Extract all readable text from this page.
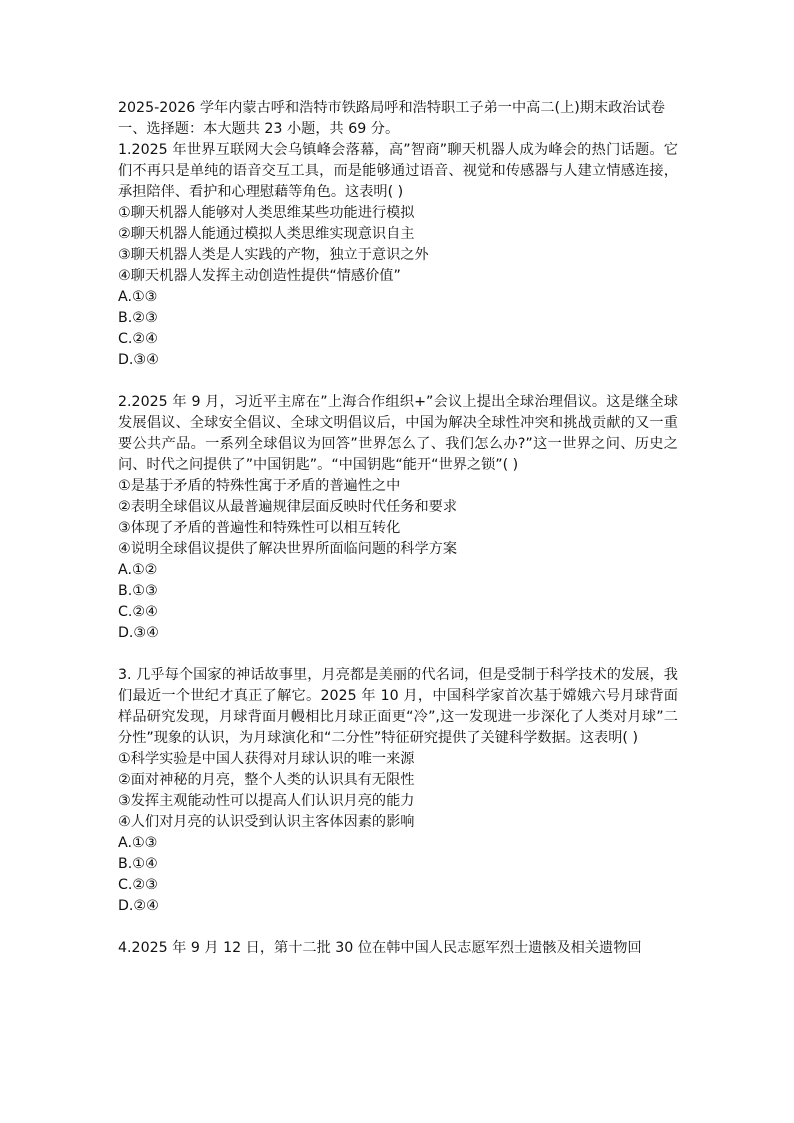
2025-2026 学年内蒙古呼和浩特市铁路局呼和浩特职工子弟一中高二(上)期末政治试卷

一、选择题：本大题共 23 小题，共 69 分。

1.2025 年世界互联网大会乌镇峰会落幕，高”智商”聊天机器人成为峰会的热门话题。它们不再只是单纯的语音交互工具，而是能够通过语音、视觉和传感器与人建立情感连接，承担陪伴、看护和心理慰藉等角色。这表明( )

①聊天机器人能够对人类思维某些功能进行模拟

②聊天机器人能通过模拟人类思维实现意识自主

③聊天机器人类是人实践的产物，独立于意识之外

④聊天机器人发挥主动创造性提供“情感价值”

A.①③

B.②③

C.②④

D.③④

2.2025 年 9 月，习近平主席在”上海合作组织+”会议上提出全球治理倡议。这是继全球发展倡议、全球安全倡议、全球文明倡议后，中国为解决全球性冲突和挑战贡献的又一重要公共产品。一系列全球倡议为回答”世界怎么了、我们怎么办?”这一世界之问、历史之问、时代之问提供了”中国钥匙”。“中国钥匙“能开“世界之锁”( )

①是基于矛盾的特殊性寓于矛盾的普遍性之中

②表明全球倡议从最普遍规律层面反映时代任务和要求

③体现了矛盾的普遍性和特殊性可以相互转化

④说明全球倡议提供了解决世界所面临问题的科学方案

A.①②

B.①③

C.②④

D.③④

3. 几乎每个国家的神话故事里，月亮都是美丽的代名词，但是受制于科学技术的发展，我们最近一个世纪才真正了解它。2025 年 10 月，中国科学家首次基于嫦娥六号月球背面样品研究发现，月球背面月幔相比月球正面更“冷”,这一发现进一步深化了人类对月球”二分性”现象的认识，为月球演化和“二分性”特征研究提供了关键科学数据。这表明( )

①科学实验是中国人获得对月球认识的唯一来源

②面对神秘的月亮，整个人类的认识具有无限性

③发挥主观能动性可以提高人们认识月亮的能力

④人们对月亮的认识受到认识主客体因素的影响

A.①③

B.①④

C.②③

D.②④

4.2025 年 9 月 12 日，第十二批 30 位在韩中国人民志愿军烈士遗骸及相关遗物回
